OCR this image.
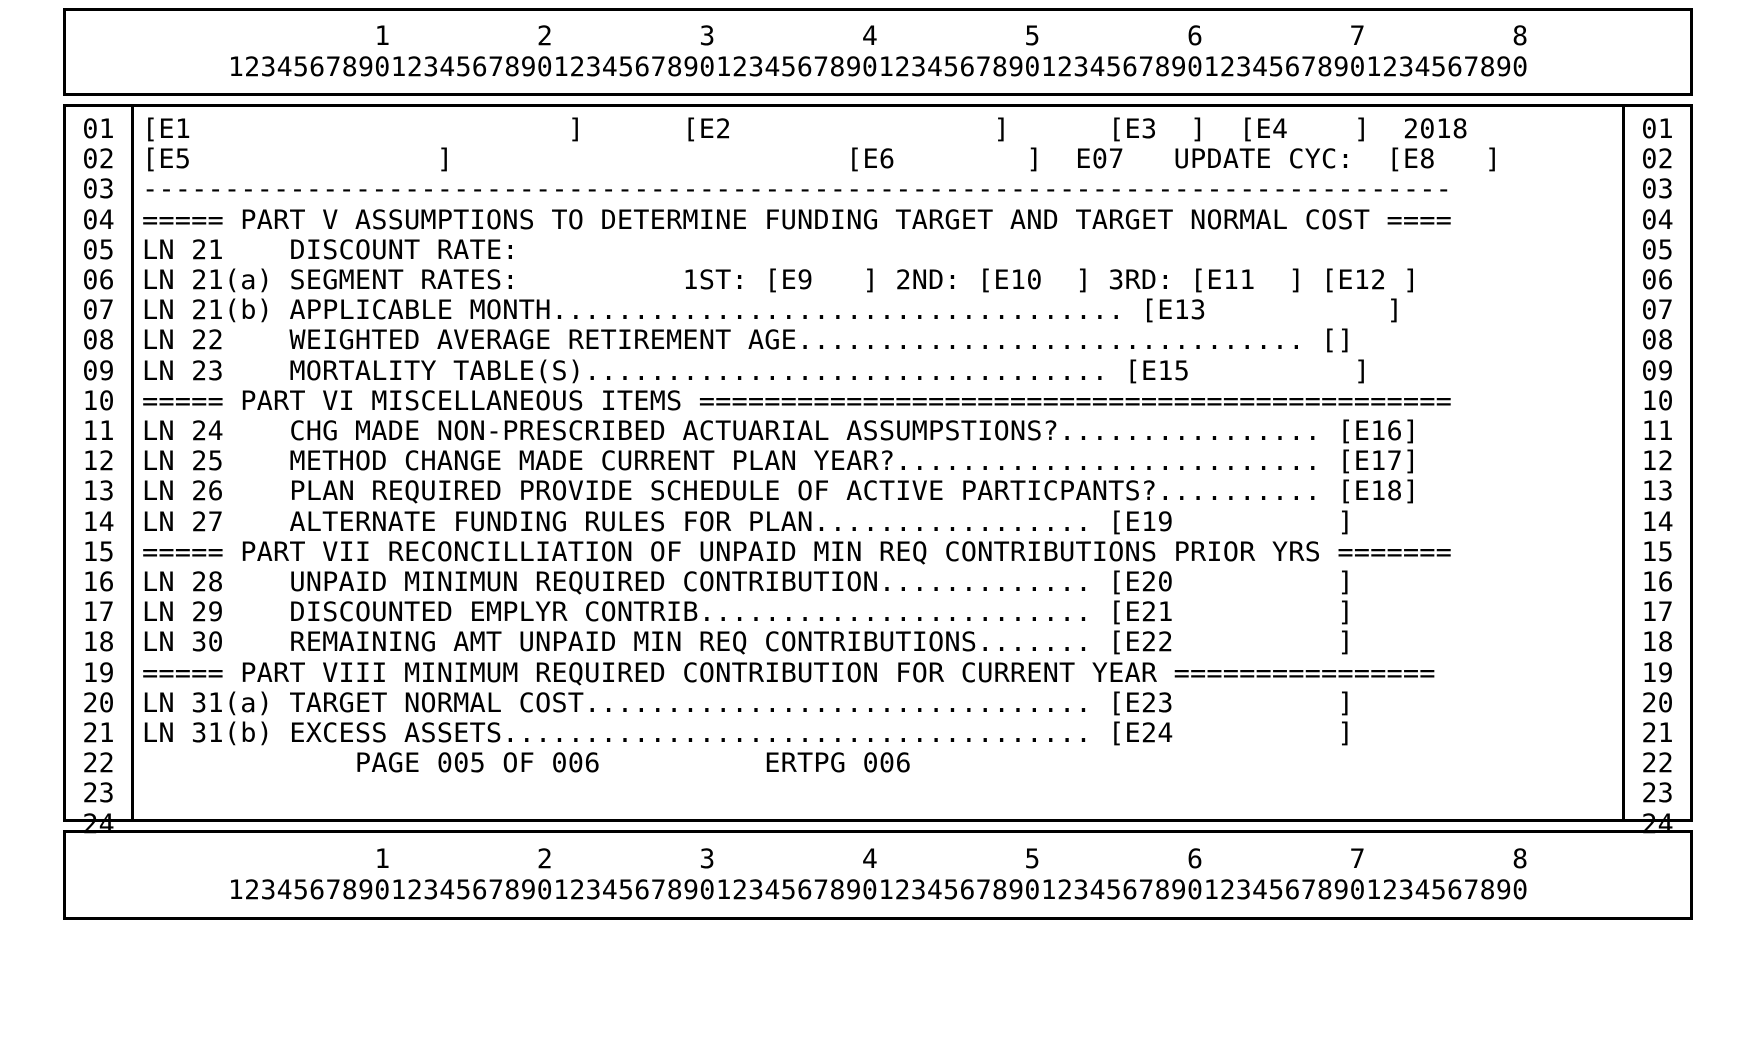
1         2         3         4         5         6         7         8
12345678901234567890123456789012345678901234567890123456789012345678901234567890
01
02
03
04
05
06
07
08
09
10
11
12
13
14
15
16
17
18
19
20
21
22
23
24
[E1                       ]      [E2                ]      [E3  ]  [E4    ]  2018
[E5               ]                        [E6        ]  E07   UPDATE CYC:  [E8   ]
--------------------------------------------------------------------------------
===== PART V ASSUMPTIONS TO DETERMINE FUNDING TARGET AND TARGET NORMAL COST ====
LN 21    DISCOUNT RATE:
LN 21(a) SEGMENT RATES:          1ST: [E9   ] 2ND: [E10  ] 3RD: [E11  ] [E12 ]
LN 21(b) APPLICABLE MONTH................................... [E13           ]
LN 22    WEIGHTED AVERAGE RETIREMENT AGE............................... []
LN 23    MORTALITY TABLE(S)................................ [E15          ]
===== PART VI MISCELLANEOUS ITEMS ==============================================
LN 24    CHG MADE NON-PRESCRIBED ACTUARIAL ASSUMPSTIONS?................ [E16]
LN 25    METHOD CHANGE MADE CURRENT PLAN YEAR?.......................... [E17]
LN 26    PLAN REQUIRED PROVIDE SCHEDULE OF ACTIVE PARTICPANTS?.......... [E18]
LN 27    ALTERNATE FUNDING RULES FOR PLAN................. [E19          ]
===== PART VII RECONCILLIATION OF UNPAID MIN REQ CONTRIBUTIONS PRIOR YRS =======
LN 28    UNPAID MINIMUN REQUIRED CONTRIBUTION............. [E20          ]
LN 29    DISCOUNTED EMPLYR CONTRIB........................ [E21          ]
LN 30    REMAINING AMT UNPAID MIN REQ CONTRIBUTIONS....... [E22          ]
===== PART VIII MINIMUM REQUIRED CONTRIBUTION FOR CURRENT YEAR ================
LN 31(a) TARGET NORMAL COST............................... [E23          ]
LN 31(b) EXCESS ASSETS.................................... [E24          ]
PAGE 005 OF 006          ERTPG 006
01
02
03
04
05
06
07
08
09
10
11
12
13
14
15
16
17
18
19
20
21
22
23
24
1         2         3         4         5         6         7         8
12345678901234567890123456789012345678901234567890123456789012345678901234567890
